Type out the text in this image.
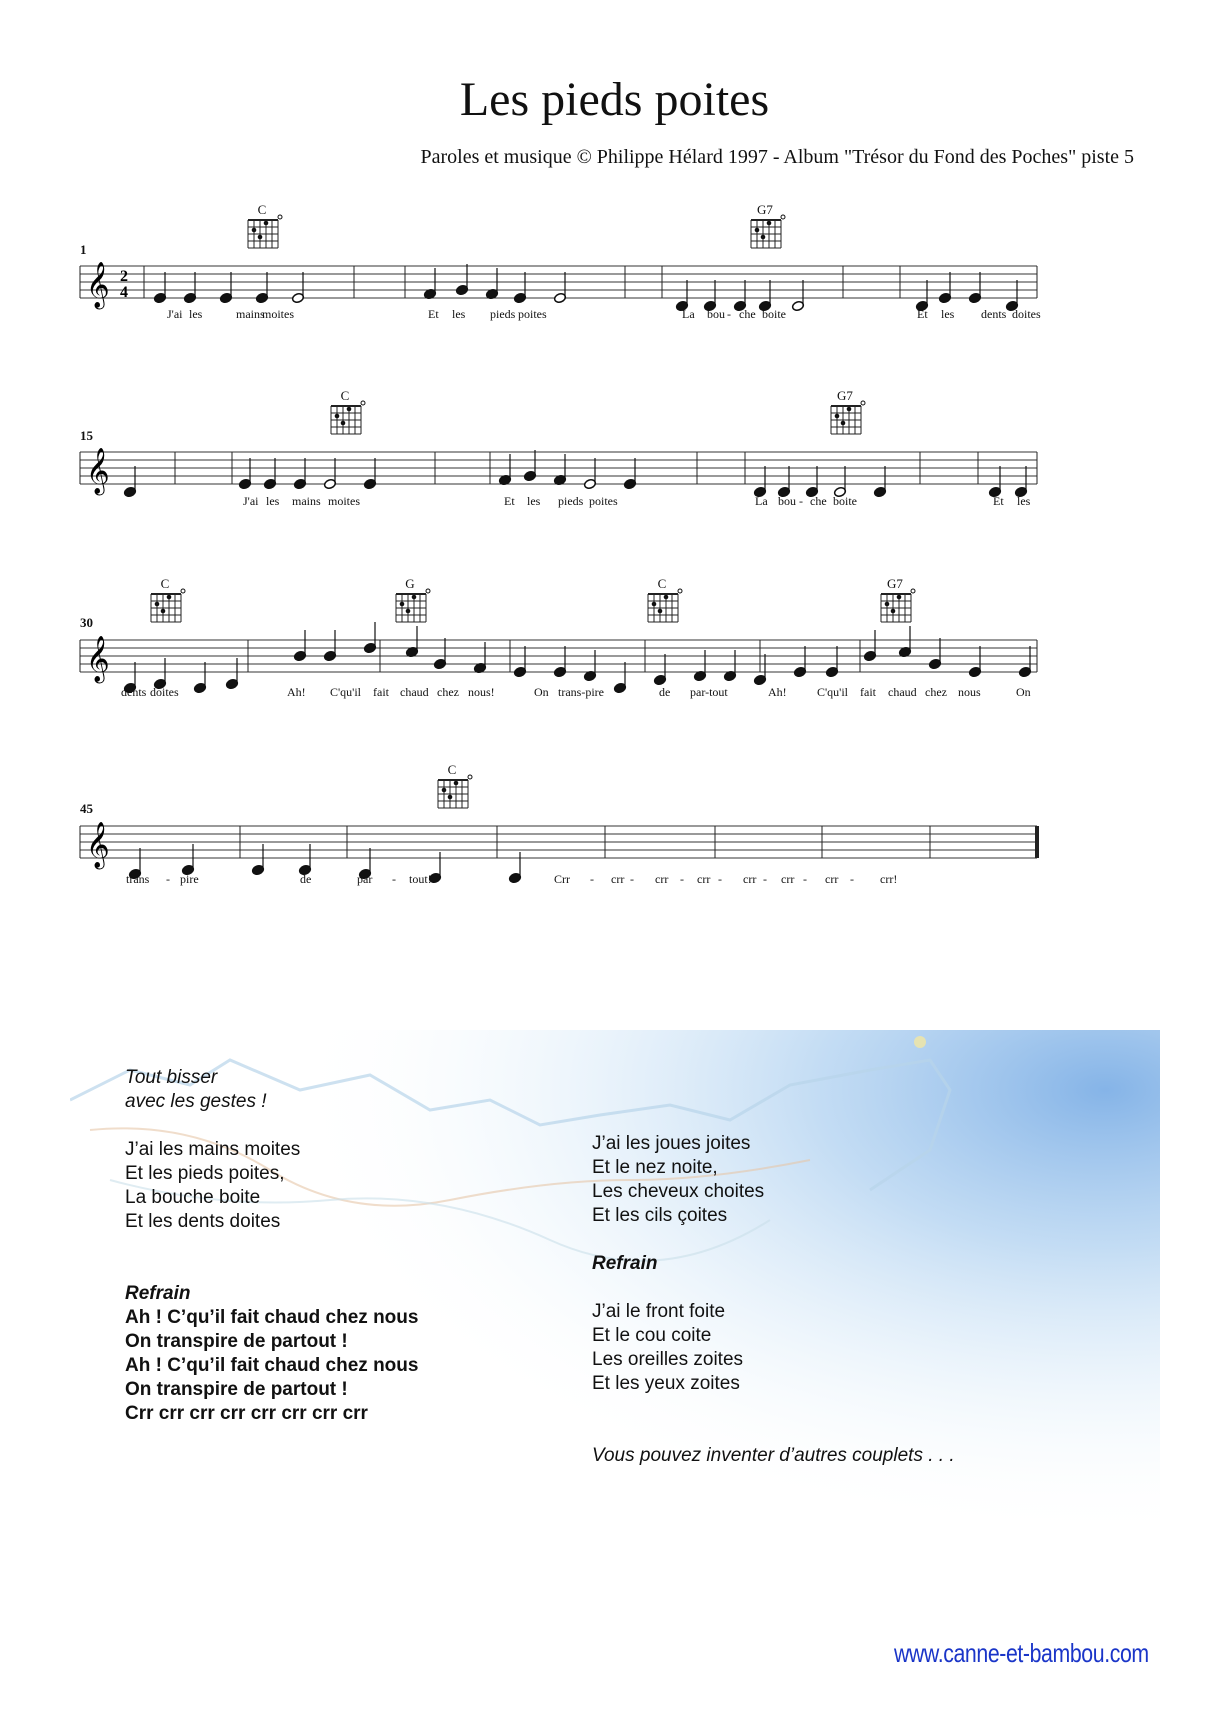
Les pieds poites
Paroles et musique © Philippe Hélard 1997 - Album "Trésor du Fond des Poches" piste 5
1
C	G7
𝄞 2
4
J'ai les	mains
moites	Et les pieds poites	La bou - che boite	Et les dents doites
15
C	G7
𝄞
J'ai les mains moites	Et les pieds poites	La bou - che boite	Et les
30
C	G	C	G7
𝄞
dents doites	Ah! C'qu'il fait chaud chez nous!	On trans-pire	de par-tout	Ah!	C'qu'il fait chaud chez nous	On
45
C
𝄞
trans - pire	de	par - tout!	Crr - crr - crr - crr - crr - crr - crr - crr!
Tout bisser
avec les gestes !
J’ai les mains moites
Et les pieds poites,
La bouche boite
Et les dents doites
Refrain
Ah ! C’qu’il fait chaud chez nous
On transpire de partout !
Ah ! C’qu’il fait chaud chez nous
On transpire de partout !
Crr crr crr crr crr crr crr crr
J’ai les joues joites
Et le nez noite,
Les cheveux choites
Et les cils çoites
Refrain
J’ai le front foite
Et le cou coite
Les oreilles zoites
Et les yeux zoites
Vous pouvez inventer d’autres couplets . . .
www.canne-et-bambou.com
